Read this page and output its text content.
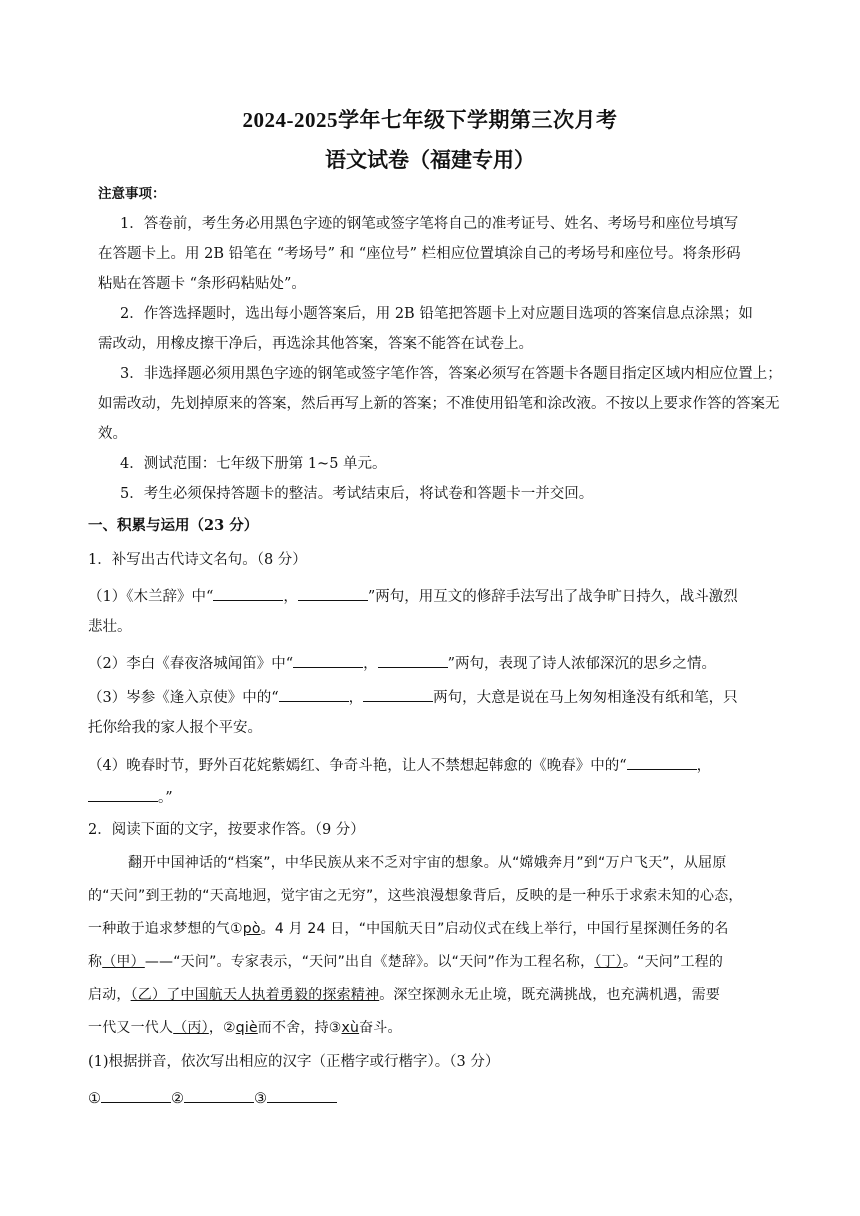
2024-2025学年七年级下学期第三次月考
语文试卷（福建专用）
注意事项：
1．答卷前，考生务必用黑色字迹的钢笔或签字笔将自己的准考证号、姓名、考场号和座位号填写
在答题卡上。用 2B 铅笔在 “考场号” 和 “座位号” 栏相应位置填涂自己的考场号和座位号。将条形码
粘贴在答题卡 “条形码粘贴处”。
2．作答选择题时，选出每小题答案后，用 2B 铅笔把答题卡上对应题目选项的答案信息点涂黑；如
需改动，用橡皮擦干净后，再选涂其他答案，答案不能答在试卷上。
3．非选择题必须用黑色字迹的钢笔或签字笔作答，答案必须写在答题卡各题目指定区域内相应位置上；
如需改动，先划掉原来的答案，然后再写上新的答案；不准使用铅笔和涂改液。不按以上要求作答的答案无
效。
4．测试范围：七年级下册第 1~5 单元。
5．考生必须保持答题卡的整洁。考试结束后，将试卷和答题卡一并交回。
一、积累与运用（23 分）
1．补写出古代诗文名句。（8 分）
（1）《木兰辞》中“	，	”两句，用互文的修辞手法写出了战争旷日持久，战斗激烈
悲壮。
（2）李白《春夜洛城闻笛》中“	，	”两句，表现了诗人浓郁深沉的思乡之情。
（3）岑参《逢入京使》中的“	，	两句，大意是说在马上匆匆相逢没有纸和笔，只
托你给我的家人报个平安。
（4）晚春时节，野外百花姹紫嫣红、争奇斗艳，让人不禁想起韩愈的《晚春》中的“	，
。”
2．阅读下面的文字，按要求作答。（9 分）
翻开中国神话的“档案”，中华民族从来不乏对宇宙的想象。从“嫦娥奔月”到“万户飞天”，从屈原
的“天问”到王勃的“天高地迥，觉宇宙之无穷”，这些浪漫想象背后，反映的是一种乐于求索未知的心态，
一种敢于追求梦想的气①pò。4 月 24 日，“中国航天日”启动仪式在线上举行，中国行星探测任务的名
称（甲）——“天问”。专家表示，“天问”出自《楚辞》。以“天问”作为工程名称，（丁）。“天问”工程的
启动，（乙）了中国航天人执着勇毅的探索精神。深空探测永无止境，既充满挑战，也充满机遇，需要
一代又一代人（丙），②qiè而不舍，持③xù奋斗。
(1)根据拼音，依次写出相应的汉字（正楷字或行楷字）。（3 分）
①	②	③
